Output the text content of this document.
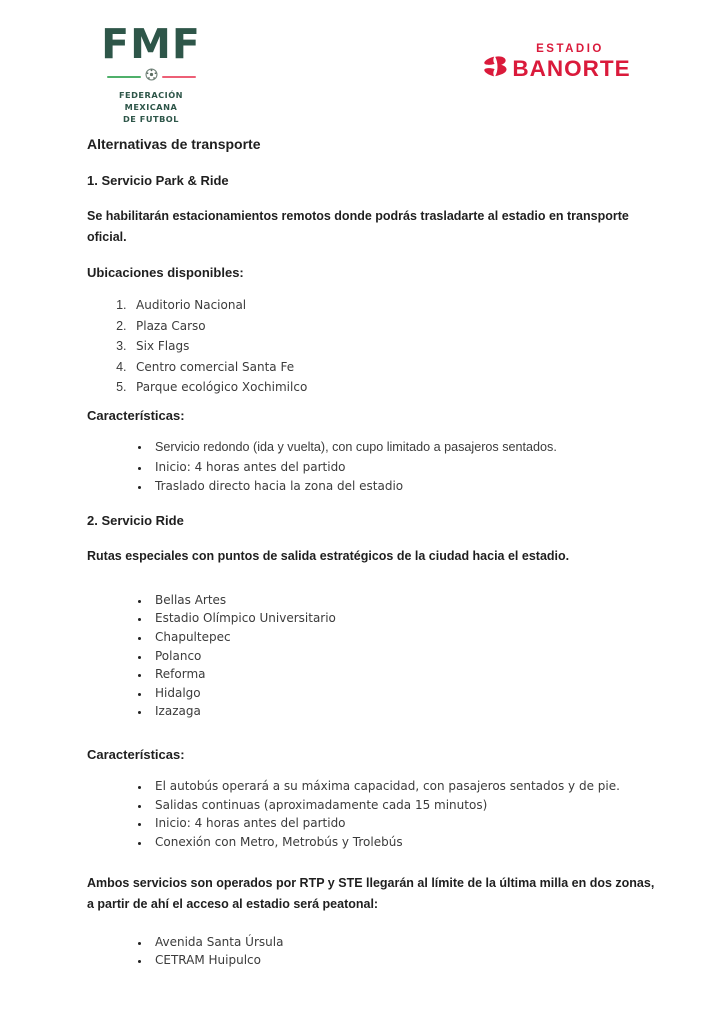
FMF
FEDERACIÓN MEXICANA
DE FUTBOL
ESTADIO
BANORTE
Alternativas de transporte
1. Servicio Park & Ride

Se habilitarán estacionamientos remotos donde podrás trasladarte al estadio en transporte oficial.

Ubicaciones disponibles:
1. Auditorio Nacional
2. Plaza Carso
3. Six Flags
4. Centro comercial Santa Fe
5. Parque ecológico Xochimilco
Características:
• Servicio redondo (ida y vuelta), con cupo limitado a pasajeros sentados.
• Inicio: 4 horas antes del partido
• Traslado directo hacia la zona del estadio
2. Servicio Ride

Rutas especiales con puntos de salida estratégicos de la ciudad hacia el estadio.

• Bellas Artes
• Estadio Olímpico Universitario
• Chapultepec
• Polanco
• Reforma
• Hidalgo
• Izazaga
Características:
• El autobús operará a su máxima capacidad, con pasajeros sentados y de pie.
• Salidas continuas (aproximadamente cada 15 minutos)
• Inicio: 4 horas antes del partido
• Conexión con Metro, Metrobús y Trolebús

Ambos servicios son operados por RTP y STE llegarán al límite de la última milla en dos zonas, a partir de ahí el acceso al estadio será peatonal:

• Avenida Santa Úrsula
• CETRAM Huipulco
